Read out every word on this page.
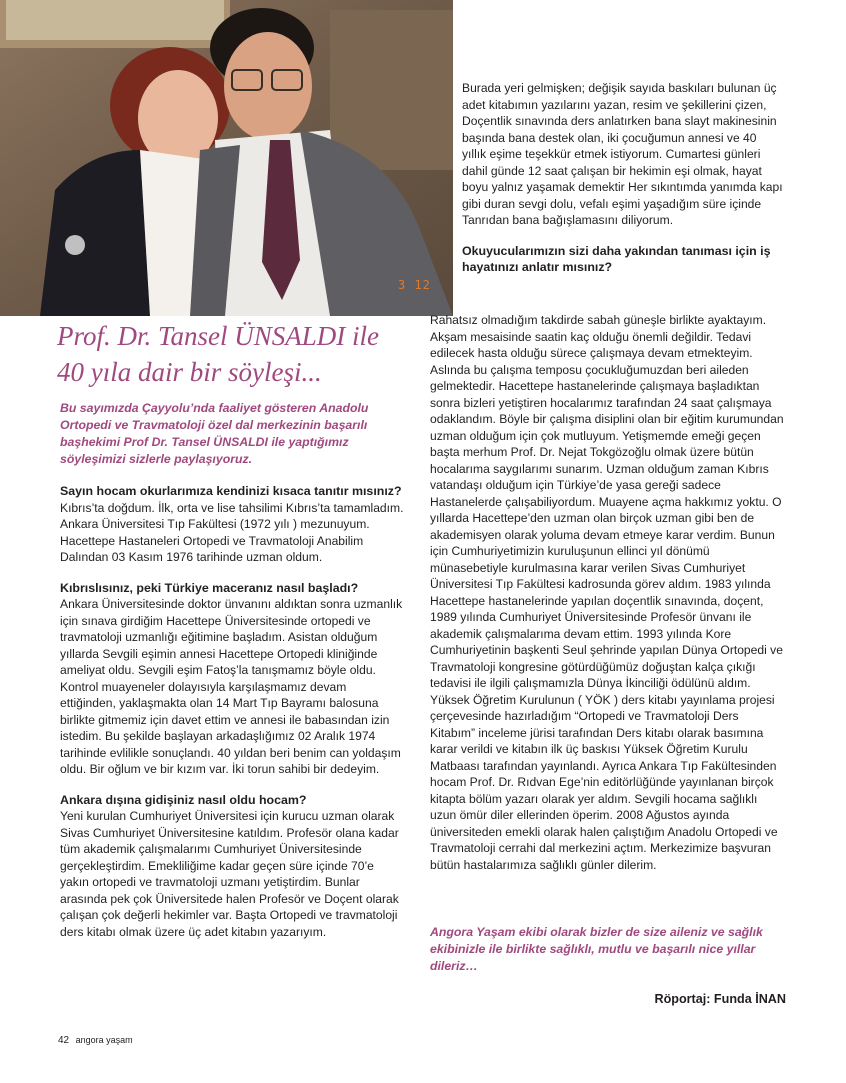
3 12
Prof. Dr. Tansel ÜNSALDI ile
40 yıla dair bir söyleşi...

Bu sayımızda Çayyolu’nda faaliyet gösteren Anadolu Ortopedi ve Travmatoloji özel dal merkezinin başarılı başhekimi Prof Dr. Tansel ÜNSALDI ile yaptığımız söyleşimizi sizlerle paylaşıyoruz.

Sayın hocam okurlarımıza kendinizi kısaca tanıtır mısınız?

Kıbrıs’ta doğdum. İlk, orta ve lise tahsilimi Kıbrıs’ta tamamladım. Ankara Üniversitesi Tıp Fakültesi (1972 yılı ) mezunuyum. Hacettepe Hastaneleri Ortopedi ve Travmatoloji Anabilim Dalından 03 Kasım 1976 tarihinde uzman oldum.

Kıbrıslısınız, peki Türkiye maceranız nasıl başladı?

Ankara Üniversitesinde doktor ünvanını aldıktan sonra uzmanlık için sınava girdiğim Hacettepe Üniversitesinde ortopedi ve travmatoloji uzmanlığı eğitimine başladım. Asistan olduğum yıllarda Sevgili eşimin annesi Hacettepe Ortopedi kliniğinde ameliyat oldu. Sevgili eşim Fatoş’la tanışmamız böyle oldu. Kontrol muayeneler dolayısıyla karşılaşmamız devam ettiğinden, yaklaşmakta olan 14 Mart Tıp Bayramı balosuna birlikte gitmemiz için davet ettim ve annesi ile babasından izin istedim. Bu şekilde başlayan arkadaşlığımız 02 Aralık 1974 tarihinde evlilikle sonuçlandı. 40 yıldan beri benim can yoldaşım oldu. Bir oğlum ve bir kızım var. İki torun sahibi bir dedeyim.

Ankara dışına gidişiniz nasıl oldu hocam?

Yeni kurulan Cumhuriyet Üniversitesi için kurucu uzman olarak Sivas Cumhuriyet Üniversitesine katıldım. Profesör olana kadar tüm akademik çalışmalarımı Cumhuriyet Üniversitesinde gerçekleştirdim. Emekliliğime kadar geçen süre içinde 70’e yakın ortopedi ve travmatoloji uzmanı yetiştirdim. Bunlar arasında pek çok Üniversitede halen Profesör ve Doçent olarak çalışan çok değerli hekimler var. Başta Ortopedi ve travmatoloji ders kitabı olmak üzere üç adet kitabın yazarıyım.

Burada yeri gelmişken; değişik sayıda baskıları bulunan üç adet kitabımın yazılarını yazan, resim ve şekillerini çizen, Doçentlik sınavında ders anlatırken bana slayt makinesinin başında bana destek olan, iki çocuğumun annesi ve 40 yıllık eşime teşekkür etmek istiyorum. Cumartesi günleri dahil günde 12 saat çalışan bir hekimin eşi olmak, hayat boyu yalnız yaşamak demektir Her sıkıntımda yanımda kapı gibi duran sevgi dolu, vefalı eşimi yaşadığım süre içinde Tanrıdan bana bağışlamasını diliyorum.

Okuyucularımızın sizi daha yakından tanıması için iş hayatınızı anlatır mısınız?

Rahatsız olmadığım takdirde sabah güneşle birlikte ayaktayım. Akşam mesaisinde saatin kaç olduğu önemli değildir. Tedavi edilecek hasta olduğu sürece çalışmaya devam etmekteyim. Aslında bu çalışma temposu çocukluğumuzdan beri aileden gelmektedir. Hacettepe hastanelerinde çalışmaya başladıktan sonra bizleri yetiştiren hocalarımız tarafından 24 saat çalışmaya odaklandım. Böyle bir çalışma disiplini olan bir eğitim kurumundan uzman olduğum için çok mutluyum. Yetişmemde emeği geçen başta merhum Prof. Dr. Nejat Tokgözoğlu olmak üzere bütün hocalarıma saygılarımı sunarım. Uzman olduğum zaman Kıbrıs vatandaşı olduğum için Türkiye’de yasa gereği sadece Hastanelerde çalışabiliyordum. Muayene açma hakkımız yoktu. O yıllarda Hacettepe’den uzman olan birçok uzman gibi ben de akademisyen olarak yoluma devam etmeye karar verdim. Bunun için Cumhuriyetimizin kuruluşunun ellinci yıl dönümü münasebetiyle kurulmasına karar verilen Sivas Cumhuriyet Üniversitesi Tıp Fakültesi kadrosunda görev aldım. 1983 yılında Hacettepe hastanelerinde yapılan doçentlik sınavında, doçent, 1989 yılında Cumhuriyet Üniversitesinde Profesör ünvanı ile akademik çalışmalarıma devam ettim. 1993 yılında Kore Cumhuriyetinin başkenti Seul şehrinde yapılan Dünya Ortopedi ve Travmatoloji kongresine götürdüğümüz doğuştan kalça çıkığı tedavisi ile ilgili çalışmamızla Dünya İkinciliği ödülünü aldım. Yüksek Öğretim Kurulunun ( YÖK ) ders kitabı yayınlama projesi çerçevesinde hazırladığım “Ortopedi ve Travmatoloji Ders Kitabım” inceleme jürisi tarafından Ders kitabı olarak basımına karar verildi ve kitabın ilk üç baskısı Yüksek Öğretim Kurulu Matbaası tarafından yayınlandı. Ayrıca Ankara Tıp Fakültesinden hocam Prof. Dr. Rıdvan Ege’nin editörlüğünde yayınlanan birçok kitapta bölüm yazarı olarak yer aldım. Sevgili hocama sağlıklı uzun ömür diler ellerinden öperim. 2008 Ağustos ayında üniversiteden emekli olarak halen çalıştığım Anadolu Ortopedi ve Travmatoloji cerrahi dal merkezini açtım. Merkezimize başvuran bütün hastalarımıza sağlıklı günler dilerim.

Angora Yaşam ekibi olarak bizler de size aileniz ve sağlık ekibinizle ile birlikte sağlıklı, mutlu ve başarılı nice yıllar dileriz…

Röportaj: Funda İNAN

42 angora yaşam
